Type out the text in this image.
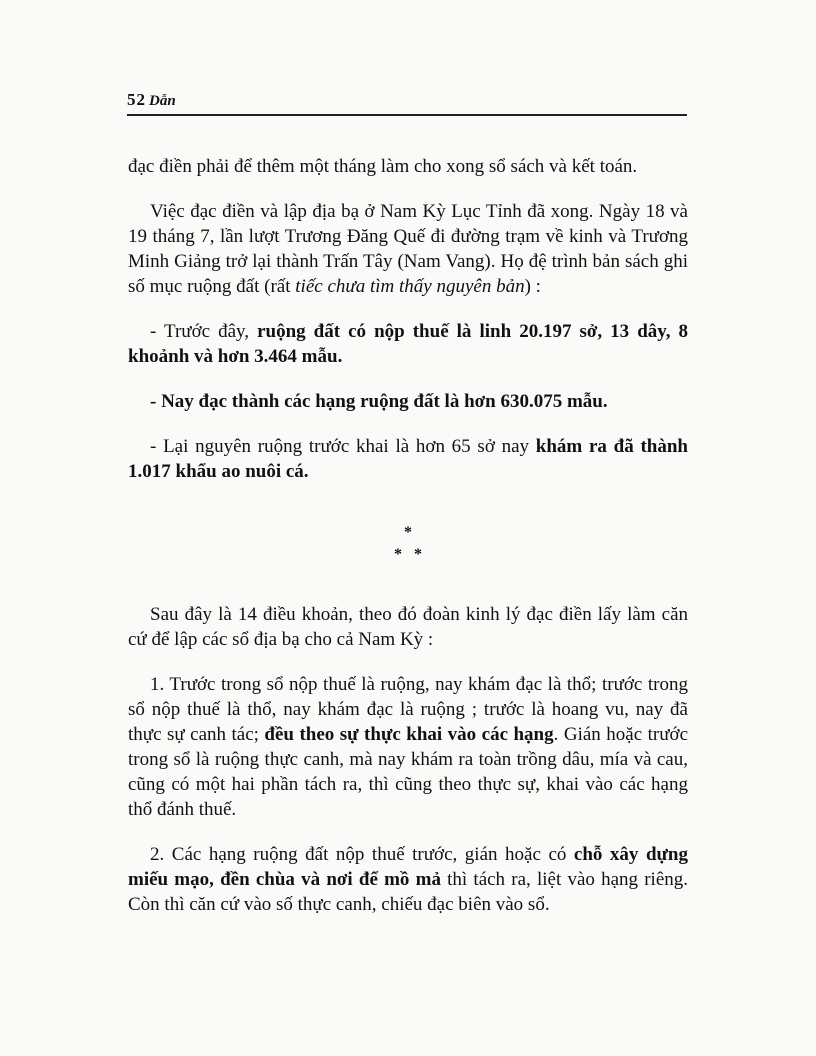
52 Dẫn

đạc điền phải để thêm một tháng làm cho xong sổ sách và kết toán.

Việc đạc điền và lập địa bạ ở Nam Kỳ Lục Tỉnh đã xong. Ngày 18 và 19 tháng 7, lần lượt Trương Đăng Quế đi đường trạm về kinh và Trương Minh Giảng trở lại thành Trấn Tây (Nam Vang). Họ đệ trình bản sách ghi số mục ruộng đất (rất tiếc chưa tìm thấy nguyên bản) :

- Trước đây, ruộng đất có nộp thuế là linh 20.197 sở, 13 dây, 8 khoảnh và hơn 3.464 mẫu.

- Nay đạc thành các hạng ruộng đất là hơn 630.075 mẫu.

- Lại nguyên ruộng trước khai là hơn 65 sở nay khám ra đã thành 1.017 khẩu ao nuôi cá.

*
* *

Sau đây là 14 điều khoản, theo đó đoàn kinh lý đạc điền lấy làm căn cứ để lập các sổ địa bạ cho cả Nam Kỳ :

1. Trước trong sổ nộp thuế là ruộng, nay khám đạc là thổ; trước trong sổ nộp thuế là thổ, nay khám đạc là ruộng ; trước là hoang vu, nay đã thực sự canh tác; đều theo sự thực khai vào các hạng. Gián hoặc trước trong sổ là ruộng thực canh, mà nay khám ra toàn trồng dâu, mía và cau, cũng có một hai phần tách ra, thì cũng theo thực sự, khai vào các hạng thổ đánh thuế.

2. Các hạng ruộng đất nộp thuế trước, gián hoặc có chỗ xây dựng miếu mạo, đền chùa và nơi để mồ mả thì tách ra, liệt vào hạng riêng. Còn thì căn cứ vào số thực canh, chiếu đạc biên vào sổ.
